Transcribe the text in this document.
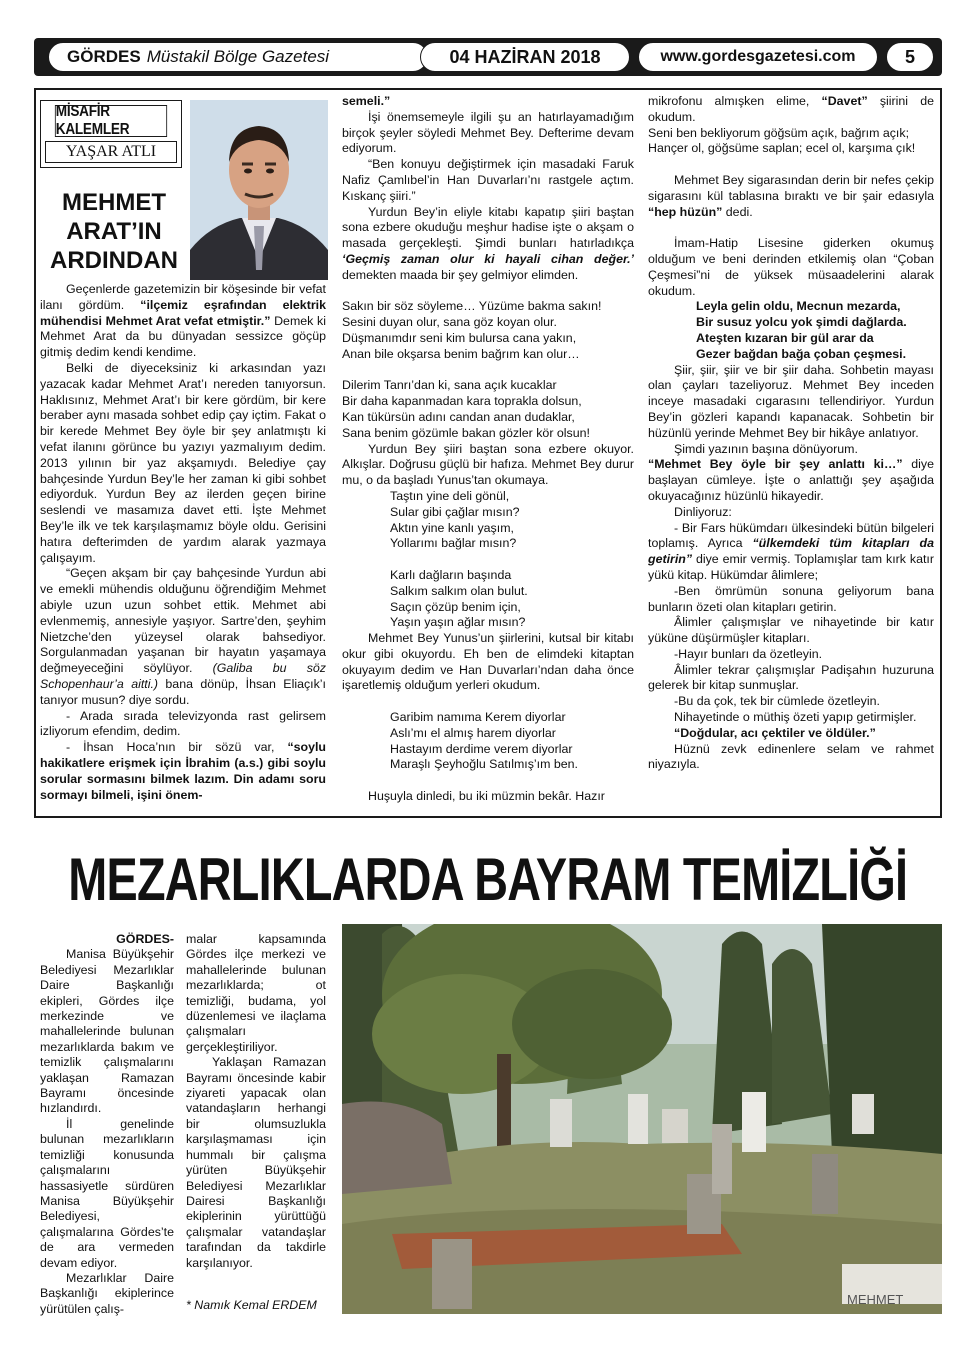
GÖRDES Müstakil Bölge Gazetesi	04 HAZİRAN 2018	www.gordesgazetesi.com	5
MİSAFİR KALEMLER
YAŞAR ATLI
MEHMET
ARAT’IN
ARDINDAN

Geçenlerde gazetemizin bir köşesinde bir vefat ilanı gördüm. “ilçemiz eşrafından elektrik mühendisi Mehmet Arat vefat etmiştir.” Demek ki Mehmet Arat da bu dünyadan sessizce göçüp gitmiş dedim kendi kendime.

Belki de diyeceksiniz ki arkasından yazı yazacak kadar Mehmet Arat’ı nereden tanıyorsun. Haklısınız, Mehmet Arat’ı bir kere gördüm, bir kere beraber aynı masada sohbet edip çay içtim. Fakat o bir kerede Mehmet Bey öyle bir şey anlatmıştı ki vefat ilanını görünce bu yazıyı yazmalıyım dedim. 2013 yılının bir yaz akşamıydı. Belediye çay bahçesinde Yurdun Bey’le her zaman ki gibi sohbet ediyorduk. Yurdun Bey az ilerden geçen birine seslendi ve masamıza davet etti. İşte Mehmet Bey’le ilk ve tek karşılaşmamız böyle oldu. Gerisini hatıra defterimden de yardım alarak yazmaya çalışayım.

“Geçen akşam bir çay bahçesinde Yurdun abi ve emekli mühendis olduğunu öğrendiğim Mehmet abiyle uzun uzun sohbet ettik. Mehmet abi evlenmemiş, annesiyle yaşıyor. Sartre’den, şeyhim Nietzche’den yüzeysel olarak bahsediyor. Sorgulanmadan yaşanan bir hayatın yaşamaya değmeyeceğini söylüyor. (Galiba bu söz Schopenhaur’a aitti.) bana dönüp, İhsan Eliaçık’ı tanıyor musun? diye sordu.

- Arada sırada televizyonda rast gelirsem izliyorum efendim, dedim.

- İhsan Hoca’nın bir sözü var, “soylu hakikatlere erişmek için İbrahim (a.s.) gibi soylu sorular sormasını bilmek lazım. Din adamı soru sormayı bilmeli, işini önem-

semeli.”

İşi önemsemeyle ilgili şu an hatırlayamadığım birçok şeyler söyledi Mehmet Bey. Defterime devam ediyorum.

“Ben konuyu değiştirmek için masadaki Faruk Nafiz Çamlıbel’in Han Duvarları’nı rastgele açtım. Kıskanç şiiri.”

Yurdun Bey’in eliyle kitabı kapatıp şiiri baştan sona ezbere okuduğu meşhur hadise işte o akşam o masada gerçekleşti. Şimdi bunları hatırladıkça ‘Geçmiş zaman olur ki hayali cihan değer.’ demekten maada bir şey gelmiyor elimden.

Sakın bir söz söyleme… Yüzüme bakma sakın!
Sesini duyan olur, sana göz koyan olur.
Düşmanımdır seni kim bulursa cana yakın,
Anan bile okşarsa benim bağrım kan olur…
Dilerim Tanrı’dan ki, sana açık kucaklar
Bir daha kapanmadan kara toprakla dolsun,
Kan tükürsün adını candan anan dudaklar,
Sana benim gözümle bakan gözler kör olsun!

Yurdun Bey şiiri baştan sona ezbere okuyor. Alkışlar. Doğrusu güçlü bir hafıza. Mehmet Bey durur mu, o da başladı Yunus’tan okumaya.

Taştın yine deli gönül,
Sular gibi çağlar mısın?
Aktın yine kanlı yaşım,
Yollarımı bağlar mısın?
Karlı dağların başında
Salkım salkım olan bulut.
Saçın çözüp benim için,
Yaşın yaşın ağlar mısın?

Mehmet Bey Yunus’un şiirlerini, kutsal bir kitabı okur gibi okuyordu. Eh ben de elimdeki kitaptan okuyayım dedim ve Han Duvarları’ndan daha önce işaretlemiş olduğum yerleri okudum.

Garibim namıma Kerem diyorlar
Aslı’mı el almış harem diyorlar
Hastayım derdime verem diyorlar
Maraşlı Şeyhoğlu Satılmış’ım ben.

Huşuyla dinledi, bu iki müzmin bekâr. Hazır

mikrofonu almışken elime, “Davet” şiirini de okudum.

Seni ben bekliyorum göğsüm açık, bağrım açık;
Hançer ol, göğsüme saplan; ecel ol, karşıma çık!

Mehmet Bey sigarasından derin bir nefes çekip sigarasını kül tablasına bıraktı ve bir şair edasıyla “hep hüzün” dedi.

İmam-Hatip Lisesine giderken okumuş olduğum ve beni derinden etkilemiş olan “Çoban Çeşmesi”ni de yüksek müsaadelerini alarak okudum.

Leyla gelin oldu, Mecnun mezarda,
Bir susuz yolcu yok şimdi dağlarda.
Ateşten kızaran bir gül arar da
Gezer bağdan bağa çoban çeşmesi.

Şiir, şiir, şiir ve bir şiir daha. Sohbetin mayası olan çayları tazeliyoruz. Mehmet Bey inceden inceye masadaki cıgarasını tellendiriyor. Yurdun Bey’in gözleri kapandı kapanacak. Sohbetin bir hüzünlü yerinde Mehmet Bey bir hikâye anlatıyor.

Şimdi yazının başına dönüyorum.

“Mehmet Bey öyle bir şey anlattı ki…” diye başlayan cümleye. İşte o anlattığı şey aşağıda okuyacağınız hüzünlü hikayedir.

Dinliyoruz:

- Bir Fars hükümdarı ülkesindeki bütün bilgeleri toplamış. Ayrıca “ülkemdeki tüm kitapları da getirin” diye emir vermiş. Toplamışlar tam kırk katır yükü kitap. Hükümdar âlimlere;

-Ben ömrümün sonuna geliyorum bana bunların özeti olan kitapları getirin.

Âlimler çalışmışlar ve nihayetinde bir katır yüküne düşürmüşler kitapları.

-Hayır bunları da özetleyin.

Âlimler tekrar çalışmışlar Padişahın huzuruna gelerek bir kitap sunmuşlar.

-Bu da çok, tek bir cümlede özetleyin.

Nihayetinde o müthiş özeti yapıp getirmişler.

“Doğdular, acı çektiler ve öldüler.”

Hüznü zevk edinenlere selam ve rahmet niyazıyla.

MEZARLIKLARDA BAYRAM TEMİZLİĞİ
GÖRDES-

Manisa Büyükşehir Belediyesi Mezarlıklar Daire Başkanlığı ekipleri, Gördes ilçe merkezinde ve mahallelerinde bulunan mezarlıklarda bakım ve temizlik çalışmalarını yaklaşan Ramazan Bayramı öncesinde hızlandırdı.

İl genelinde bulunan mezarlıkların temizliği konusunda çalışmalarını hassasiyetle sürdüren Manisa Büyükşehir Belediyesi, çalışmalarına Gördes’te de ara vermeden devam ediyor.

Mezarlıklar Daire Başkanlığı ekiplerince yürütülen çalış-

malar kapsamında Gördes ilçe merkezi ve mahallelerinde bulunan mezarlıklarda; ot temizliği, budama, yol düzenlemesi ve ilaçlama çalışmaları gerçekleştiriliyor.

Yaklaşan Ramazan Bayramı öncesinde kabir ziyareti yapacak olan vatandaşların herhangi bir olumsuzlukla karşılaşmaması için hummalı bir çalışma yürüten Büyükşehir Belediyesi Mezarlıklar Dairesi Başkanlığı ekiplerinin yürüttüğü çalışmalar vatandaşlar tarafından da takdirle karşılanıyor.

* Namık Kemal ERDEM	MEHMET
